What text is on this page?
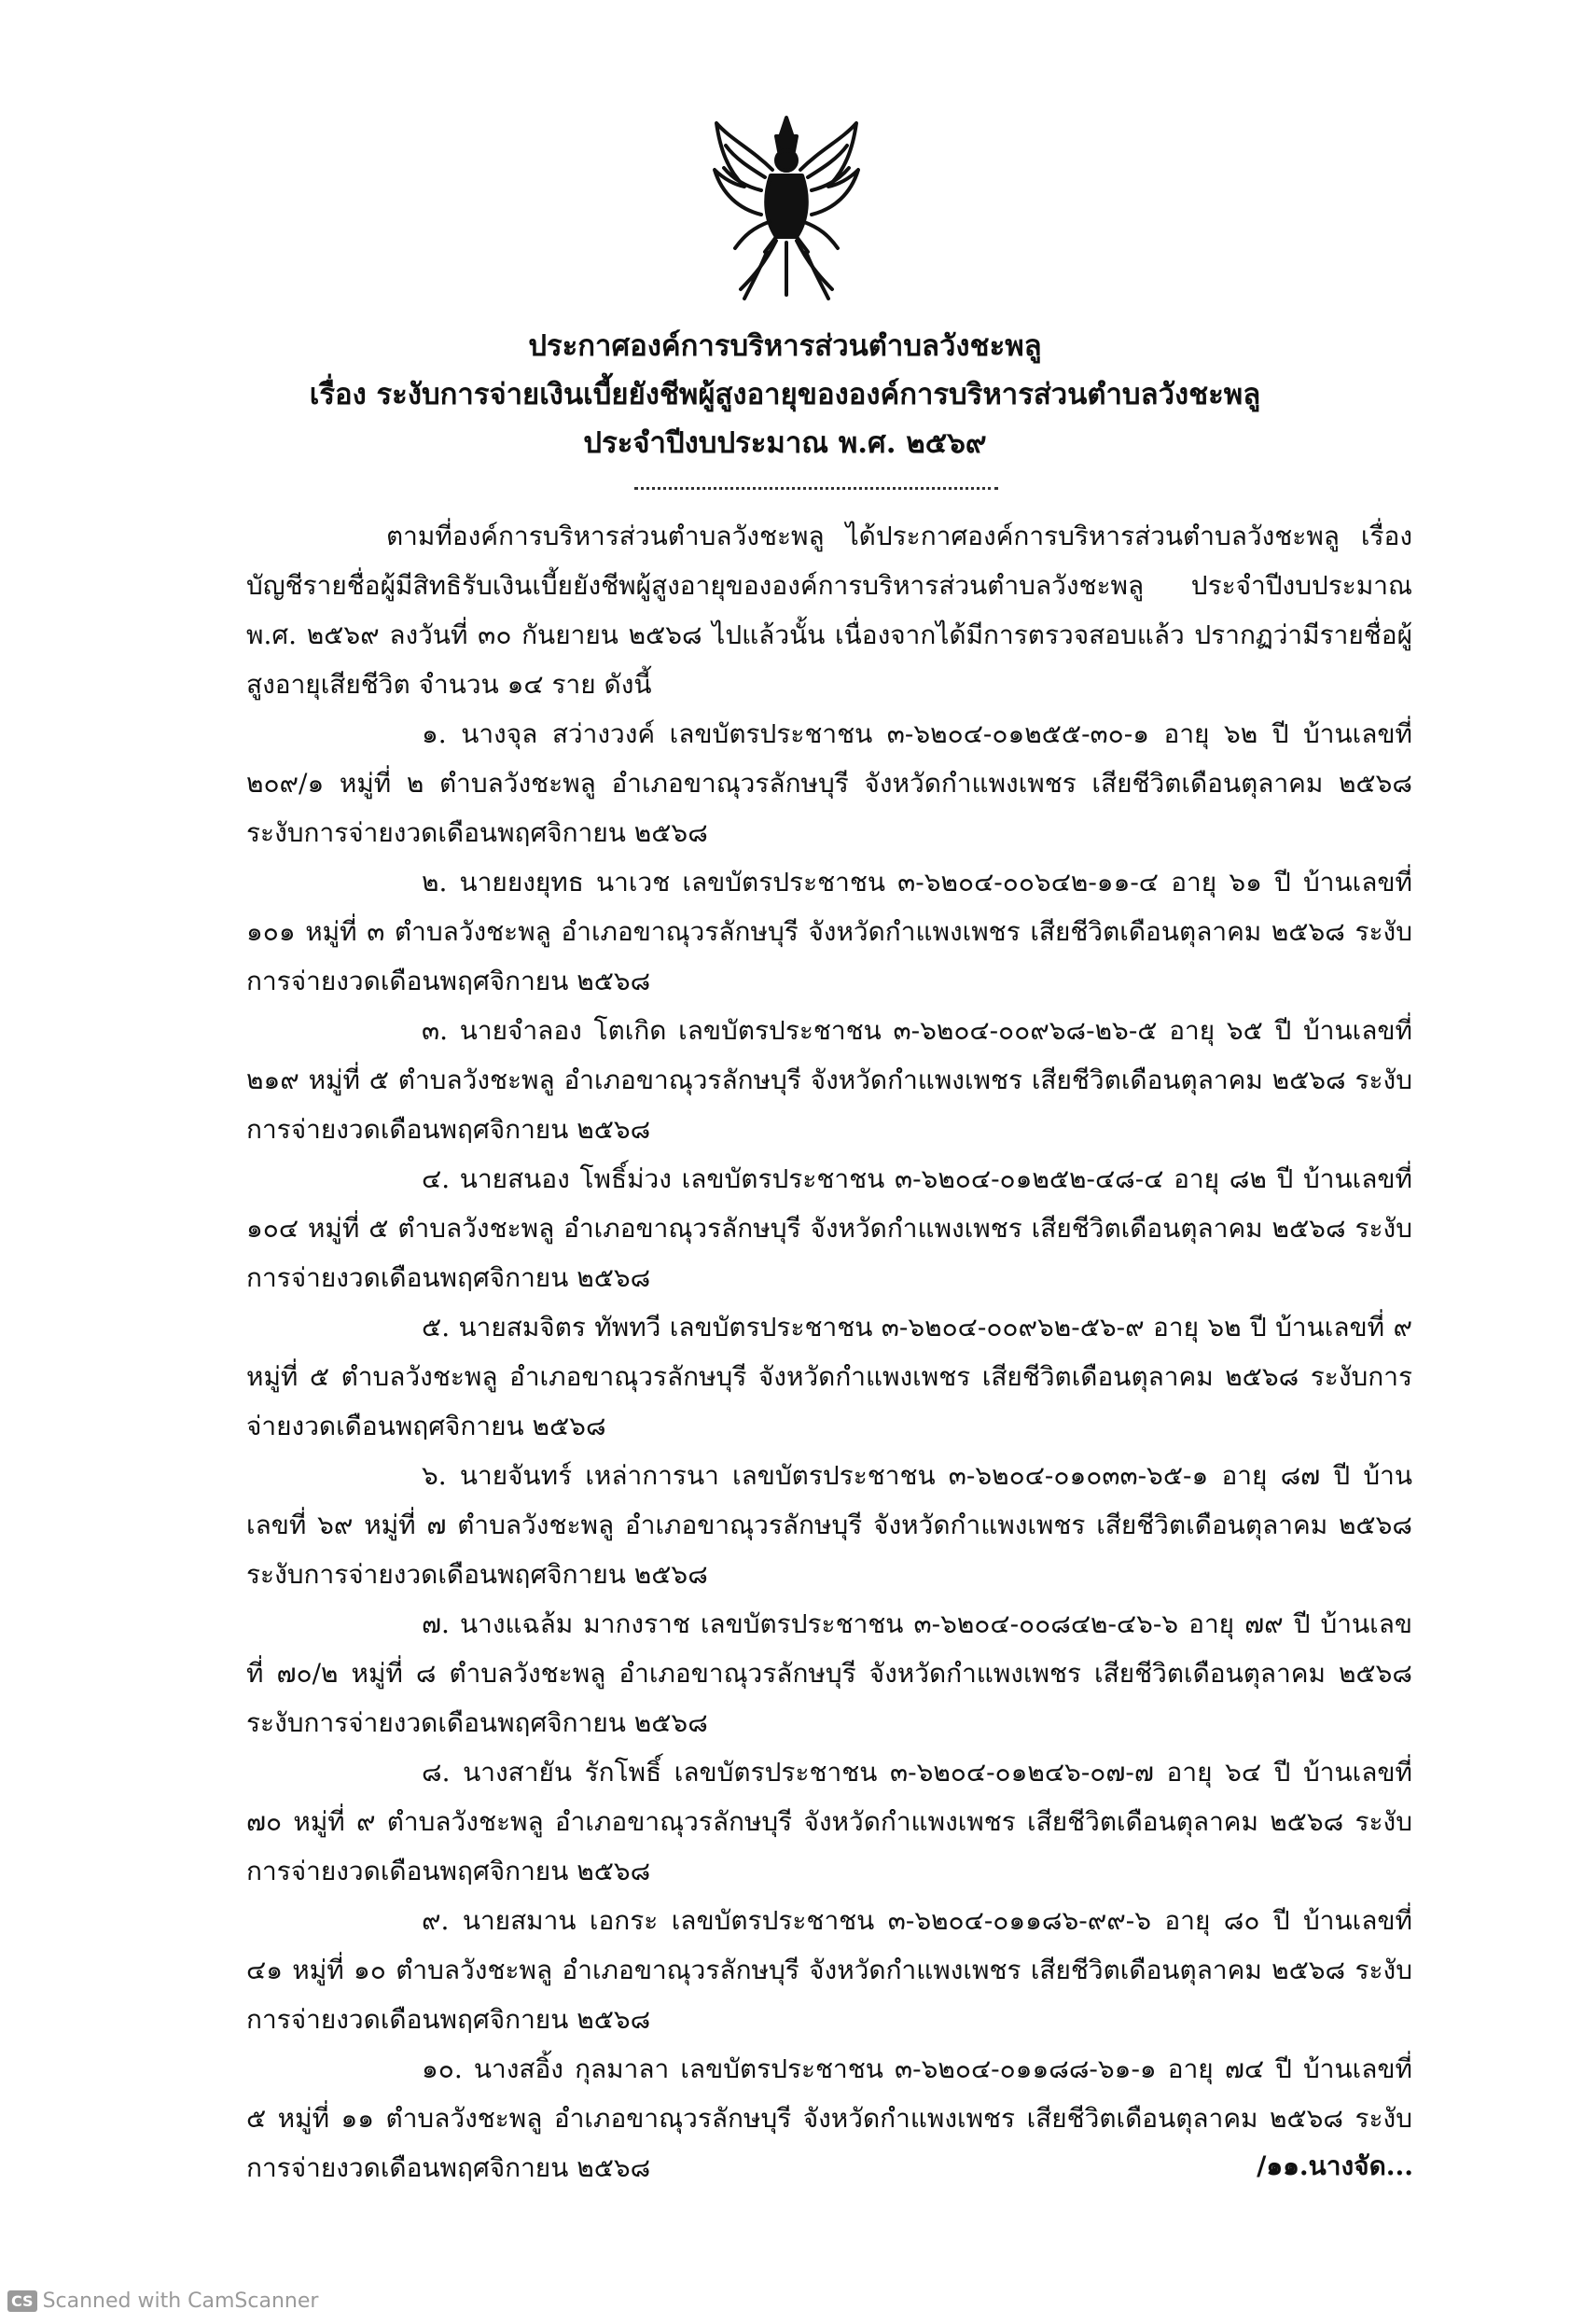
ประกาศองค์การบริหารส่วนตำบลวังชะพลู
เรื่อง ระงับการจ่ายเงินเบี้ยยังชีพผู้สูงอายุขององค์การบริหารส่วนตำบลวังชะพลู
ประจำปีงบประมาณ พ.ศ. ๒๕๖๙

ตามที่องค์การบริหารส่วนตำบลวังชะพลู ได้ประกาศองค์การบริหารส่วนตำบลวังชะพลู เรื่อง บัญชีรายชื่อผู้มีสิทธิรับเงินเบี้ยยังชีพผู้สูงอายุขององค์การบริหารส่วนตำบลวังชะพลู ประจำปีงบประมาณ พ.ศ. ๒๕๖๙ ลงวันที่ ๓๐ กันยายน ๒๕๖๘ ไปแล้วนั้น เนื่องจากได้มีการตรวจสอบแล้ว ปรากฏว่ามีรายชื่อผู้สูงอายุเสียชีวิต จำนวน ๑๔ ราย ดังนี้

๑. นางจุล สว่างวงค์ เลขบัตรประชาชน ๓-๖๒๐๔-๐๑๒๕๕-๓๐-๑ อายุ ๖๒ ปี บ้านเลขที่ ๒๐๙/๑ หมู่ที่ ๒ ตำบลวังชะพลู อำเภอขาณุวรลักษบุรี จังหวัดกำแพงเพชร เสียชีวิตเดือนตุลาคม ๒๕๖๘ ระงับการจ่ายงวดเดือนพฤศจิกายน ๒๕๖๘

๒. นายยงยุทธ นาเวช เลขบัตรประชาชน ๓-๖๒๐๔-๐๐๖๔๒-๑๑-๔ อายุ ๖๑ ปี บ้านเลขที่ ๑๐๑ หมู่ที่ ๓ ตำบลวังชะพลู อำเภอขาณุวรลักษบุรี จังหวัดกำแพงเพชร เสียชีวิตเดือนตุลาคม ๒๕๖๘ ระงับการจ่ายงวดเดือนพฤศจิกายน ๒๕๖๘

๓. นายจำลอง โตเกิด เลขบัตรประชาชน ๓-๖๒๐๔-๐๐๙๖๘-๒๖-๕ อายุ ๖๕ ปี บ้านเลขที่ ๒๑๙ หมู่ที่ ๕ ตำบลวังชะพลู อำเภอขาณุวรลักษบุรี จังหวัดกำแพงเพชร เสียชีวิตเดือนตุลาคม ๒๕๖๘ ระงับการจ่ายงวดเดือนพฤศจิกายน ๒๕๖๘

๔. นายสนอง โพธิ์ม่วง เลขบัตรประชาชน ๓-๖๒๐๔-๐๑๒๕๒-๔๘-๔ อายุ ๘๒ ปี บ้านเลขที่ ๑๐๔ หมู่ที่ ๕ ตำบลวังชะพลู อำเภอขาณุวรลักษบุรี จังหวัดกำแพงเพชร เสียชีวิตเดือนตุลาคม ๒๕๖๘ ระงับการจ่ายงวดเดือนพฤศจิกายน ๒๕๖๘

๕. นายสมจิตร ทัพทวี เลขบัตรประชาชน ๓-๖๒๐๔-๐๐๙๖๒-๕๖-๙ อายุ ๖๒ ปี บ้านเลขที่ ๙ หมู่ที่ ๕ ตำบลวังชะพลู อำเภอขาณุวรลักษบุรี จังหวัดกำแพงเพชร เสียชีวิตเดือนตุลาคม ๒๕๖๘ ระงับการจ่ายงวดเดือนพฤศจิกายน ๒๕๖๘

๖. นายจันทร์ เหล่าการนา เลขบัตรประชาชน ๓-๖๒๐๔-๐๑๐๓๓-๖๕-๑ อายุ ๘๗ ปี บ้านเลขที่ ๖๙ หมู่ที่ ๗ ตำบลวังชะพลู อำเภอขาณุวรลักษบุรี จังหวัดกำแพงเพชร เสียชีวิตเดือนตุลาคม ๒๕๖๘ ระงับการจ่ายงวดเดือนพฤศจิกายน ๒๕๖๘

๗. นางแฉล้ม มากงราช เลขบัตรประชาชน ๓-๖๒๐๔-๐๐๘๔๒-๔๖-๖ อายุ ๗๙ ปี บ้านเลขที่ ๗๐/๒ หมู่ที่ ๘ ตำบลวังชะพลู อำเภอขาณุวรลักษบุรี จังหวัดกำแพงเพชร เสียชีวิตเดือนตุลาคม ๒๕๖๘ ระงับการจ่ายงวดเดือนพฤศจิกายน ๒๕๖๘

๘. นางสายัน รักโพธิ์ เลขบัตรประชาชน ๓-๖๒๐๔-๐๑๒๔๖-๐๗-๗ อายุ ๖๔ ปี บ้านเลขที่ ๗๐ หมู่ที่ ๙ ตำบลวังชะพลู อำเภอขาณุวรลักษบุรี จังหวัดกำแพงเพชร เสียชีวิตเดือนตุลาคม ๒๕๖๘ ระงับการจ่ายงวดเดือนพฤศจิกายน ๒๕๖๘

๙. นายสมาน เอกระ เลขบัตรประชาชน ๓-๖๒๐๔-๐๑๑๘๖-๙๙-๖ อายุ ๘๐ ปี บ้านเลขที่ ๔๑ หมู่ที่ ๑๐ ตำบลวังชะพลู อำเภอขาณุวรลักษบุรี จังหวัดกำแพงเพชร เสียชีวิตเดือนตุลาคม ๒๕๖๘ ระงับการจ่ายงวดเดือนพฤศจิกายน ๒๕๖๘

๑๐. นางสอิ้ง กุลมาลา เลขบัตรประชาชน ๓-๖๒๐๔-๐๑๑๘๘-๖๑-๑ อายุ ๗๔ ปี บ้านเลขที่ ๕ หมู่ที่ ๑๑ ตำบลวังชะพลู อำเภอขาณุวรลักษบุรี จังหวัดกำแพงเพชร เสียชีวิตเดือนตุลาคม ๒๕๖๘ ระงับการจ่ายงวดเดือนพฤศจิกายน ๒๕๖๘	/๑๑.นางจัด...
CS Scanned with CamScanner
